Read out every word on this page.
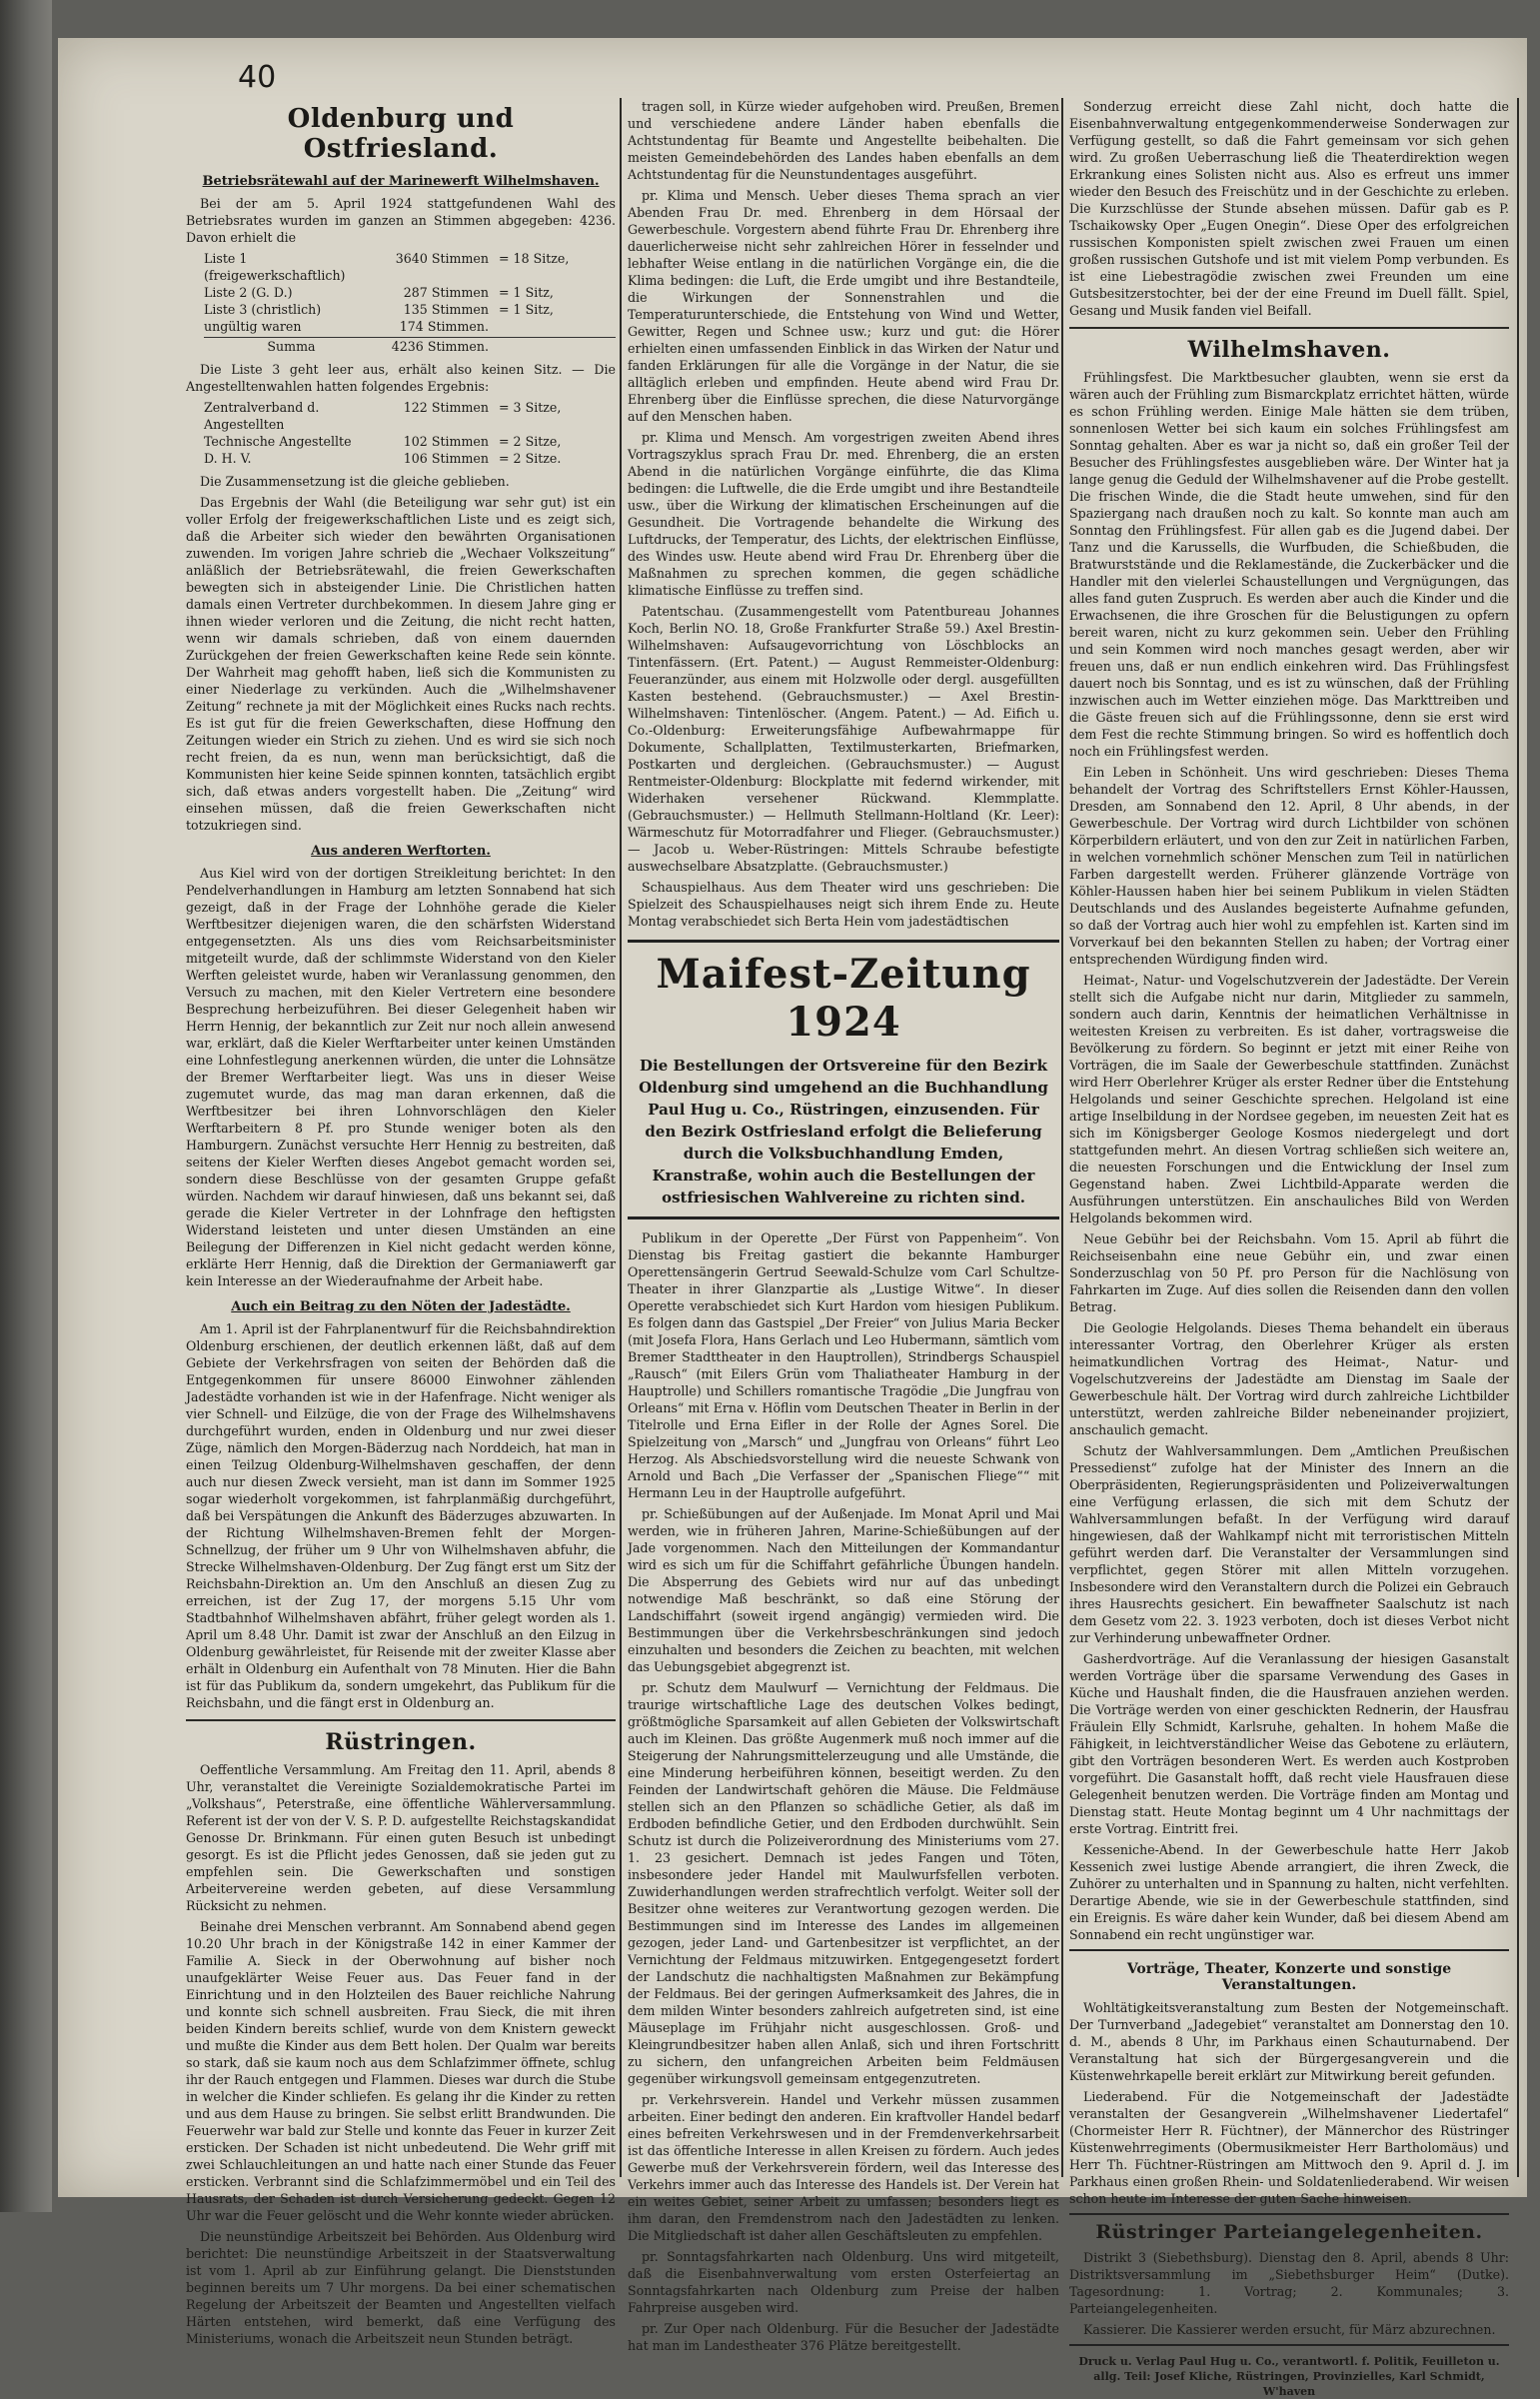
40
Oldenburg und Ostfriesland.
Betriebsrätewahl auf der Marinewerft Wilhelmshaven.

Bei der am 5. April 1924 stattgefundenen Wahl des Betriebsrates wurden im ganzen an Stimmen abgegeben: 4236. Davon erhielt die

Liste 1 (freigewerkschaftlich)
3640 Stimmen = 18 Sitze,
Liste 2 (G. D.)	287 Stimmen = 1 Sitz,
Liste 3 (christlich)	135 Stimmen = 1 Sitz,
ungültig waren	174 Stimmen.
Summa	4236 Stimmen.

Die Liste 3 geht leer aus, erhält also keinen Sitz. — Die Angestelltenwahlen hatten folgendes Ergebnis:

Zentralverband d. Angestellten
122 Stimmen = 3 Sitze,
Technische Angestellte	102 Stimmen = 2 Sitze,
D. H. V.	106 Stimmen = 2 Sitze.

Die Zusammensetzung ist die gleiche geblieben.

Das Ergebnis der Wahl (die Beteiligung war sehr gut) ist ein voller Erfolg der freigewerkschaftlichen Liste und es zeigt sich, daß die Arbeiter sich wieder den bewährten Organisationen zuwenden. Im vorigen Jahre schrieb die „Wechaer Volkszeitung“ anläßlich der Betriebsrätewahl, die freien Gewerkschaften bewegten sich in absteigender Linie. Die Christlichen hatten damals einen Vertreter durchbekommen. In diesem Jahre ging er ihnen wieder verloren und die Zeitung, die nicht recht hatten, wenn wir damals schrieben, daß von einem dauernden Zurückgehen der freien Gewerkschaften keine Rede sein könnte. Der Wahrheit mag gehofft haben, ließ sich die Kommunisten zu einer Niederlage zu verkünden. Auch die „Wilhelmshavener Zeitung“ rechnete ja mit der Möglichkeit eines Rucks nach rechts. Es ist gut für die freien Gewerkschaften, diese Hoffnung den Zeitungen wieder ein Strich zu ziehen. Und es wird sie sich noch recht freien, da es nun, wenn man berücksichtigt, daß die Kommunisten hier keine Seide spinnen konnten, tatsächlich ergibt sich, daß etwas anders vorgestellt haben. Die „Zeitung“ wird einsehen müssen, daß die freien Gewerkschaften nicht totzukriegen sind.

Aus anderen Werftorten.

Aus Kiel wird von der dortigen Streikleitung berichtet: In den Pendelverhandlungen in Hamburg am letzten Sonnabend hat sich gezeigt, daß in der Frage der Lohnhöhe gerade die Kieler Werftbesitzer diejenigen waren, die den schärfsten Widerstand entgegensetzten. Als uns dies vom Reichsarbeitsminister mitgeteilt wurde, daß der schlimmste Widerstand von den Kieler Werften geleistet wurde, haben wir Veranlassung genommen, den Versuch zu machen, mit den Kieler Vertretern eine besondere Besprechung herbeizuführen. Bei dieser Gelegenheit haben wir Herrn Hennig, der bekanntlich zur Zeit nur noch allein anwesend war, erklärt, daß die Kieler Werftarbeiter unter keinen Umständen eine Lohnfestlegung anerkennen würden, die unter die Lohnsätze der Bremer Werftarbeiter liegt. Was uns in dieser Weise zugemutet wurde, das mag man daran erkennen, daß die Werftbesitzer bei ihren Lohnvorschlägen den Kieler Werftarbeitern 8 Pf. pro Stunde weniger boten als den Hamburgern. Zunächst versuchte Herr Hennig zu bestreiten, daß seitens der Kieler Werften dieses Angebot gemacht worden sei, sondern diese Beschlüsse von der gesamten Gruppe gefaßt würden. Nachdem wir darauf hinwiesen, daß uns bekannt sei, daß gerade die Kieler Vertreter in der Lohnfrage den heftigsten Widerstand leisteten und unter diesen Umständen an eine Beilegung der Differenzen in Kiel nicht gedacht werden könne, erklärte Herr Hennig, daß die Direktion der Germaniawerft gar kein Interesse an der Wiederaufnahme der Arbeit habe.

Auch ein Beitrag zu den Nöten der Jadestädte.

Am 1. April ist der Fahrplanentwurf für die Reichsbahndirektion Oldenburg erschienen, der deutlich erkennen läßt, daß auf dem Gebiete der Verkehrsfragen von seiten der Behörden daß die Entgegenkommen für unsere 86000 Einwohner zählenden Jadestädte vorhanden ist wie in der Hafenfrage. Nicht weniger als vier Schnell- und Eilzüge, die von der Frage des Wilhelmshavens durchgeführt wurden, enden in Oldenburg und nur zwei dieser Züge, nämlich den Morgen-Bäderzug nach Norddeich, hat man in einen Teilzug Oldenburg-Wilhelmshaven geschaffen, der denn auch nur diesen Zweck versieht, man ist dann im Sommer 1925 sogar wiederholt vorgekommen, ist fahrplanmäßig durchgeführt, daß bei Verspätungen die Ankunft des Bäderzuges abzuwarten. In der Richtung Wilhelmshaven-Bremen fehlt der Morgen-Schnellzug, der früher um 9 Uhr von Wilhelmshaven abfuhr, die Strecke Wilhelmshaven-Oldenburg. Der Zug fängt erst um Sitz der Reichsbahn-Direktion an. Um den Anschluß an diesen Zug zu erreichen, ist der Zug 17, der morgens 5.15 Uhr vom Stadtbahnhof Wilhelmshaven abfährt, früher gelegt worden als 1. April um 8.48 Uhr. Damit ist zwar der Anschluß an den Eilzug in Oldenburg gewährleistet, für Reisende mit der zweiter Klasse aber erhält in Oldenburg ein Aufenthalt von 78 Minuten. Hier die Bahn ist für das Publikum da, sondern umgekehrt, das Publikum für die Reichsbahn, und die fängt erst in Oldenburg an.

Rüstringen.

Oeffentliche Versammlung. Am Freitag den 11. April, abends 8 Uhr, veranstaltet die Vereinigte Sozialdemokratische Partei im „Volkshaus“, Peterstraße, eine öffentliche Wählerversammlung. Referent ist der von der V. S. P. D. aufgestellte Reichstagskandidat Genosse Dr. Brinkmann. Für einen guten Besuch ist unbedingt gesorgt. Es ist die Pflicht jedes Genossen, daß sie jeden gut zu empfehlen sein. Die Gewerkschaften und sonstigen Arbeitervereine werden gebeten, auf diese Versammlung Rücksicht zu nehmen.

Beinahe drei Menschen verbrannt. Am Sonnabend abend gegen 10.20 Uhr brach in der Königstraße 142 in einer Kammer der Familie A. Sieck in der Oberwohnung auf bisher noch unaufgeklärter Weise Feuer aus. Das Feuer fand in der Einrichtung und in den Holzteilen des Bauer reichliche Nahrung und konnte sich schnell ausbreiten. Frau Sieck, die mit ihren beiden Kindern bereits schlief, wurde von dem Knistern geweckt und mußte die Kinder aus dem Bett holen. Der Qualm war bereits so stark, daß sie kaum noch aus dem Schlafzimmer öffnete, schlug ihr der Rauch entgegen und Flammen. Dieses war durch die Stube in welcher die Kinder schliefen. Es gelang ihr die Kinder zu retten und aus dem Hause zu bringen. Sie selbst erlitt Brandwunden. Die Feuerwehr war bald zur Stelle und konnte das Feuer in kurzer Zeit ersticken. Der Schaden ist nicht unbedeutend. Die Wehr griff mit zwei Schlauchleitungen an und hatte nach einer Stunde das Feuer ersticken. Verbrannt sind die Schlafzimmermöbel und ein Teil des Hausrats, der Schaden ist durch Versicherung gedeckt. Gegen 12 Uhr war die Feuer gelöscht und die Wehr konnte wieder abrücken.

Die neunstündige Arbeitszeit bei Behörden. Aus Oldenburg wird berichtet: Die neunstündige Arbeitszeit in der Staatsverwaltung ist vom 1. April ab zur Einführung gelangt. Die Dienststunden beginnen bereits um 7 Uhr morgens. Da bei einer schematischen Regelung der Arbeitszeit der Beamten und Angestellten vielfach Härten entstehen, wird bemerkt, daß eine Verfügung des Ministeriums, wonach die Arbeitszeit neun Stunden beträgt.

tragen soll, in Kürze wieder aufgehoben wird. Preußen, Bremen und verschiedene andere Länder haben ebenfalls die Achtstundentag für Beamte und Angestellte beibehalten. Die meisten Gemeindebehörden des Landes haben ebenfalls an dem Achtstundentag für die Neunstundentages ausgeführt.

pr. Klima und Mensch. Ueber dieses Thema sprach an vier Abenden Frau Dr. med. Ehrenberg in dem Hörsaal der Gewerbeschule. Vorgestern abend führte Frau Dr. Ehrenberg ihre dauerlicherweise nicht sehr zahlreichen Hörer in fesselnder und lebhafter Weise entlang in die natürlichen Vorgänge ein, die die Klima bedingen: die Luft, die Erde umgibt und ihre Bestandteile, die Wirkungen der Sonnenstrahlen und die Temperaturunterschiede, die Entstehung von Wind und Wetter, Gewitter, Regen und Schnee usw.; kurz und gut: die Hörer erhielten einen umfassenden Einblick in das Wirken der Natur und fanden Erklärungen für alle die Vorgänge in der Natur, die sie alltäglich erleben und empfinden. Heute abend wird Frau Dr. Ehrenberg über die Einflüsse sprechen, die diese Naturvorgänge auf den Menschen haben.

pr. Klima und Mensch. Am vorgestrigen zweiten Abend ihres Vortragszyklus sprach Frau Dr. med. Ehrenberg, die an ersten Abend in die natürlichen Vorgänge einführte, die das Klima bedingen: die Luftwelle, die die Erde umgibt und ihre Bestandteile usw., über die Wirkung der klimatischen Erscheinungen auf die Gesundheit. Die Vortragende behandelte die Wirkung des Luftdrucks, der Temperatur, des Lichts, der elektrischen Einflüsse, des Windes usw. Heute abend wird Frau Dr. Ehrenberg über die Maßnahmen zu sprechen kommen, die gegen schädliche klimatische Einflüsse zu treffen sind.

Patentschau. (Zusammengestellt vom Patentbureau Johannes Koch, Berlin NO. 18, Große Frankfurter Straße 59.) Axel Brestin-Wilhelmshaven: Aufsaugevorrichtung von Löschblocks an Tintenfässern. (Ert. Patent.) — August Remmeister-Oldenburg: Feueranzünder, aus einem mit Holzwolle oder dergl. ausgefüllten Kasten bestehend. (Gebrauchsmuster.) — Axel Brestin-Wilhelmshaven: Tintenlöscher. (Angem. Patent.) — Ad. Eifich u. Co.-Oldenburg: Erweiterungsfähige Aufbewahrmappe für Dokumente, Schallplatten, Textilmusterkarten, Briefmarken, Postkarten und dergleichen. (Gebrauchsmuster.) — August Rentmeister-Oldenburg: Blockplatte mit federnd wirkender, mit Widerhaken versehener Rückwand. Klemmplatte. (Gebrauchsmuster.) — Hellmuth Stellmann-Holtland (Kr. Leer): Wärmeschutz für Motorradfahrer und Flieger. (Gebrauchsmuster.) — Jacob u. Weber-Rüstringen: Mittels Schraube befestigte auswechselbare Absatzplatte. (Gebrauchsmuster.)

Schauspielhaus. Aus dem Theater wird uns geschrieben: Die Spielzeit des Schauspielhauses neigt sich ihrem Ende zu. Heute Montag verabschiedet sich Berta Hein vom jadestädtischen

Maifest-Zeitung 1924
Die Bestellungen der Ortsvereine für den Bezirk Oldenburg sind umgehend an die Buchhandlung Paul Hug u. Co., Rüstringen, einzusenden. Für den Bezirk Ostfriesland erfolgt die Belieferung durch die Volksbuchhandlung Emden, Kranstraße, wohin auch die Bestellungen der ostfriesischen Wahlvereine zu richten sind.

Publikum in der Operette „Der Fürst von Pappenheim“. Von Dienstag bis Freitag gastiert die bekannte Hamburger Operettensängerin Gertrud Seewald-Schulze vom Carl Schultze-Theater in ihrer Glanzpartie als „Lustige Witwe“. In dieser Operette verabschiedet sich Kurt Hardon vom hiesigen Publikum. Es folgen dann das Gastspiel „Der Freier“ von Julius Maria Becker (mit Josefa Flora, Hans Gerlach und Leo Hubermann, sämtlich vom Bremer Stadttheater in den Hauptrollen), Strindbergs Schauspiel „Rausch“ (mit Eilers Grün vom Thaliatheater Hamburg in der Hauptrolle) und Schillers romantische Tragödie „Die Jungfrau von Orleans“ mit Erna v. Höflin vom Deutschen Theater in Berlin in der Titelrolle und Erna Eifler in der Rolle der Agnes Sorel. Die Spielzeitung von „Marsch“ und „Jungfrau von Orleans“ führt Leo Herzog. Als Abschiedsvorstellung wird die neueste Schwank von Arnold und Bach „Die Verfasser der „Spanischen Fliege““ mit Hermann Leu in der Hauptrolle aufgeführt.

pr. Schießübungen auf der Außenjade. Im Monat April und Mai werden, wie in früheren Jahren, Marine-Schießübungen auf der Jade vorgenommen. Nach den Mitteilungen der Kommandantur wird es sich um für die Schiffahrt gefährliche Übungen handeln. Die Absperrung des Gebiets wird nur auf das unbedingt notwendige Maß beschränkt, so daß eine Störung der Landschiffahrt (soweit irgend angängig) vermieden wird. Die Bestimmungen über die Verkehrsbeschränkungen sind jedoch einzuhalten und besonders die Zeichen zu beachten, mit welchen das Uebungsgebiet abgegrenzt ist.

pr. Schutz dem Maulwurf — Vernichtung der Feldmaus. Die traurige wirtschaftliche Lage des deutschen Volkes bedingt, größtmögliche Sparsamkeit auf allen Gebieten der Volkswirtschaft auch im Kleinen. Das größte Augenmerk muß noch immer auf die Steigerung der Nahrungsmittelerzeugung und alle Umstände, die eine Minderung herbeiführen können, beseitigt werden. Zu den Feinden der Landwirtschaft gehören die Mäuse. Die Feldmäuse stellen sich an den Pflanzen so schädliche Getier, als daß im Erdboden befindliche Getier, und den Erdboden durchwühlt. Sein Schutz ist durch die Polizeiverordnung des Ministeriums vom 27. 1. 23 gesichert. Demnach ist jedes Fangen und Töten, insbesondere jeder Handel mit Maulwurfsfellen verboten. Zuwiderhandlungen werden strafrechtlich verfolgt. Weiter soll der Besitzer ohne weiteres zur Verantwortung gezogen werden. Die Bestimmungen sind im Interesse des Landes im allgemeinen gezogen, jeder Land- und Gartenbesitzer ist verpflichtet, an der Vernichtung der Feldmaus mitzuwirken. Entgegengesetzt fordert der Landschutz die nachhaltigsten Maßnahmen zur Bekämpfung der Feldmaus. Bei der geringen Aufmerksamkeit des Jahres, die in dem milden Winter besonders zahlreich aufgetreten sind, ist eine Mäuseplage im Frühjahr nicht ausgeschlossen. Groß- und Kleingrundbesitzer haben allen Anlaß, sich und ihren Fortschritt zu sichern, den unfangreichen Arbeiten beim Feldmäusen gegenüber wirkungsvoll gemeinsam entgegenzutreten.

pr. Verkehrsverein. Handel und Verkehr müssen zusammen arbeiten. Einer bedingt den anderen. Ein kraftvoller Handel bedarf eines befreiten Verkehrswesen und in der Fremdenverkehrsarbeit ist das öffentliche Interesse in allen Kreisen zu fördern. Auch jedes Gewerbe muß der Verkehrsverein fördern, weil das Interesse des Verkehrs immer auch das Interesse des Handels ist. Der Verein hat ein weites Gebiet, seiner Arbeit zu umfassen; besonders liegt es ihm daran, den Fremdenstrom nach den Jadestädten zu lenken. Die Mitgliedschaft ist daher allen Geschäftsleuten zu empfehlen.

pr. Sonntagsfahrkarten nach Oldenburg. Uns wird mitgeteilt, daß die Eisenbahnverwaltung vom ersten Osterfeiertag an Sonntagsfahrkarten nach Oldenburg zum Preise der halben Fahrpreise ausgeben wird.

pr. Zur Oper nach Oldenburg. Für die Besucher der Jadestädte hat man im Landestheater 376 Plätze bereitgestellt.

Sonderzug erreicht diese Zahl nicht, doch hatte die Eisenbahnverwaltung entgegenkommenderweise Sonderwagen zur Verfügung gestellt, so daß die Fahrt gemeinsam vor sich gehen wird. Zu großen Ueberraschung ließ die Theaterdirektion wegen Erkrankung eines Solisten nicht aus. Also es erfreut uns immer wieder den Besuch des Freischütz und in der Geschichte zu erleben. Die Kurzschlüsse der Stunde absehen müssen. Dafür gab es P. Tschaikowsky Oper „Eugen Onegin“. Diese Oper des erfolgreichen russischen Komponisten spielt zwischen zwei Frauen um einen großen russischen Gutshofe und ist mit vielem Pomp verbunden. Es ist eine Liebestragödie zwischen zwei Freunden um eine Gutsbesitzerstochter, bei der der eine Freund im Duell fällt. Spiel, Gesang und Musik fanden viel Beifall.

Wilhelmshaven.

Frühlingsfest. Die Marktbesucher glaubten, wenn sie erst da wären auch der Frühling zum Bismarckplatz errichtet hätten, würde es schon Frühling werden. Einige Male hätten sie dem trüben, sonnenlosen Wetter bei sich kaum ein solches Frühlingsfest am Sonntag gehalten. Aber es war ja nicht so, daß ein großer Teil der Besucher des Frühlingsfestes ausgeblieben wäre. Der Winter hat ja lange genug die Geduld der Wilhelmshavener auf die Probe gestellt. Die frischen Winde, die die Stadt heute umwehen, sind für den Spaziergang nach draußen noch zu kalt. So konnte man auch am Sonntag den Frühlingsfest. Für allen gab es die Jugend dabei. Der Tanz und die Karussells, die Wurfbuden, die Schießbuden, die Bratwurststände und die Reklamestände, die Zuckerbäcker und die Handler mit den vielerlei Schaustellungen und Vergnügungen, das alles fand guten Zuspruch. Es werden aber auch die Kinder und die Erwachsenen, die ihre Groschen für die Belustigungen zu opfern bereit waren, nicht zu kurz gekommen sein. Ueber den Frühling und sein Kommen wird noch manches gesagt werden, aber wir freuen uns, daß er nun endlich einkehren wird. Das Frühlingsfest dauert noch bis Sonntag, und es ist zu wünschen, daß der Frühling inzwischen auch im Wetter einziehen möge. Das Markttreiben und die Gäste freuen sich auf die Frühlingssonne, denn sie erst wird dem Fest die rechte Stimmung bringen. So wird es hoffentlich doch noch ein Frühlingsfest werden.

Ein Leben in Schönheit. Uns wird geschrieben: Dieses Thema behandelt der Vortrag des Schriftstellers Ernst Köhler-Haussen, Dresden, am Sonnabend den 12. April, 8 Uhr abends, in der Gewerbeschule. Der Vortrag wird durch Lichtbilder von schönen Körperbildern erläutert, und von den zur Zeit in natürlichen Farben, in welchen vornehmlich schöner Menschen zum Teil in natürlichen Farben dargestellt werden. Früherer glänzende Vorträge von Köhler-Haussen haben hier bei seinem Publikum in vielen Städten Deutschlands und des Auslandes begeisterte Aufnahme gefunden, so daß der Vortrag auch hier wohl zu empfehlen ist. Karten sind im Vorverkauf bei den bekannten Stellen zu haben; der Vortrag einer entsprechenden Würdigung finden wird.

Heimat-, Natur- und Vogelschutzverein der Jadestädte. Der Verein stellt sich die Aufgabe nicht nur darin, Mitglieder zu sammeln, sondern auch darin, Kenntnis der heimatlichen Verhältnisse in weitesten Kreisen zu verbreiten. Es ist daher, vortragsweise die Bevölkerung zu fördern. So beginnt er jetzt mit einer Reihe von Vorträgen, die im Saale der Gewerbeschule stattfinden. Zunächst wird Herr Oberlehrer Krüger als erster Redner über die Entstehung Helgolands und seiner Geschichte sprechen. Helgoland ist eine artige Inselbildung in der Nordsee gegeben, im neuesten Zeit hat es sich im Königsberger Geologe Kosmos niedergelegt und dort stattgefunden mehrt. An diesen Vortrag schließen sich weitere an, die neuesten Forschungen und die Entwicklung der Insel zum Gegenstand haben. Zwei Lichtbild-Apparate werden die Ausführungen unterstützen. Ein anschauliches Bild von Werden Helgolands bekommen wird.

Neue Gebühr bei der Reichsbahn. Vom 15. April ab führt die Reichseisenbahn eine neue Gebühr ein, und zwar einen Sonderzuschlag von 50 Pf. pro Person für die Nachlösung von Fahrkarten im Zuge. Auf dies sollen die Reisenden dann den vollen Betrag.

Die Geologie Helgolands. Dieses Thema behandelt ein überaus interessanter Vortrag, den Oberlehrer Krüger als ersten heimatkundlichen Vortrag des Heimat-, Natur- und Vogelschutzvereins der Jadestädte am Dienstag im Saale der Gewerbeschule hält. Der Vortrag wird durch zahlreiche Lichtbilder unterstützt, werden zahlreiche Bilder nebeneinander projiziert, anschaulich gemacht.

Schutz der Wahlversammlungen. Dem „Amtlichen Preußischen Pressedienst“ zufolge hat der Minister des Innern an die Oberpräsidenten, Regierungspräsidenten und Polizeiverwaltungen eine Verfügung erlassen, die sich mit dem Schutz der Wahlversammlungen befaßt. In der Verfügung wird darauf hingewiesen, daß der Wahlkampf nicht mit terroristischen Mitteln geführt werden darf. Die Veranstalter der Versammlungen sind verpflichtet, gegen Störer mit allen Mitteln vorzugehen. Insbesondere wird den Veranstaltern durch die Polizei ein Gebrauch ihres Hausrechts gesichert. Ein bewaffneter Saalschutz ist nach dem Gesetz vom 22. 3. 1923 verboten, doch ist dieses Verbot nicht zur Verhinderung unbewaffneter Ordner.

Gasherdvorträge. Auf die Veranlassung der hiesigen Gasanstalt werden Vorträge über die sparsame Verwendung des Gases in Küche und Haushalt finden, die die Hausfrauen anziehen werden. Die Vorträge werden von einer geschickten Rednerin, der Hausfrau Fräulein Elly Schmidt, Karlsruhe, gehalten. In hohem Maße die Fähigkeit, in leichtverständlicher Weise das Gebotene zu erläutern, gibt den Vorträgen besonderen Wert. Es werden auch Kostproben vorgeführt. Die Gasanstalt hofft, daß recht viele Hausfrauen diese Gelegenheit benutzen werden. Die Vorträge finden am Montag und Dienstag statt. Heute Montag beginnt um 4 Uhr nachmittags der erste Vortrag. Eintritt frei.

Kesseniche-Abend. In der Gewerbeschule hatte Herr Jakob Kessenich zwei lustige Abende arrangiert, die ihren Zweck, die Zuhörer zu unterhalten und in Spannung zu halten, nicht verfehlten. Derartige Abende, wie sie in der Gewerbeschule stattfinden, sind ein Ereignis. Es wäre daher kein Wunder, daß bei diesem Abend am Sonnabend ein recht ungünstiger war.

Vorträge, Theater, Konzerte und sonstige Veranstaltungen.

Wohltätigkeitsveranstaltung zum Besten der Notgemeinschaft. Der Turnverband „Jadegebiet“ veranstaltet am Donnerstag den 10. d. M., abends 8 Uhr, im Parkhaus einen Schauturnabend. Der Veranstaltung hat sich der Bürgergesangverein und die Küstenwehrkapelle bereit erklärt zur Mitwirkung bereit gefunden.

Liederabend. Für die Notgemeinschaft der Jadestädte veranstalten der Gesangverein „Wilhelmshavener Liedertafel“ (Chormeister Herr R. Füchtner), der Männerchor des Rüstringer Küstenwehrregiments (Obermusikmeister Herr Bartholomäus) und Herr Th. Füchtner-Rüstringen am Mittwoch den 9. April d. J. im Parkhaus einen großen Rhein- und Soldatenliederabend. Wir weisen schon heute im Interesse der guten Sache hinweisen.

Rüstringer Parteiangelegenheiten.

Distrikt 3 (Siebethsburg). Dienstag den 8. April, abends 8 Uhr: Distriktsversammlung im „Siebethsburger Heim“ (Dutke). Tagesordnung: 1. Vortrag; 2. Kommunales; 3. Parteiangelegenheiten.

Kassierer. Die Kassierer werden ersucht, für März abzurechnen.

Druck u. Verlag Paul Hug u. Co., verantwortl. f. Politik, Feuilleton u. allg. Teil: Josef Kliche, Rüstringen, Provinzielles, Karl Schmidt, W'haven
